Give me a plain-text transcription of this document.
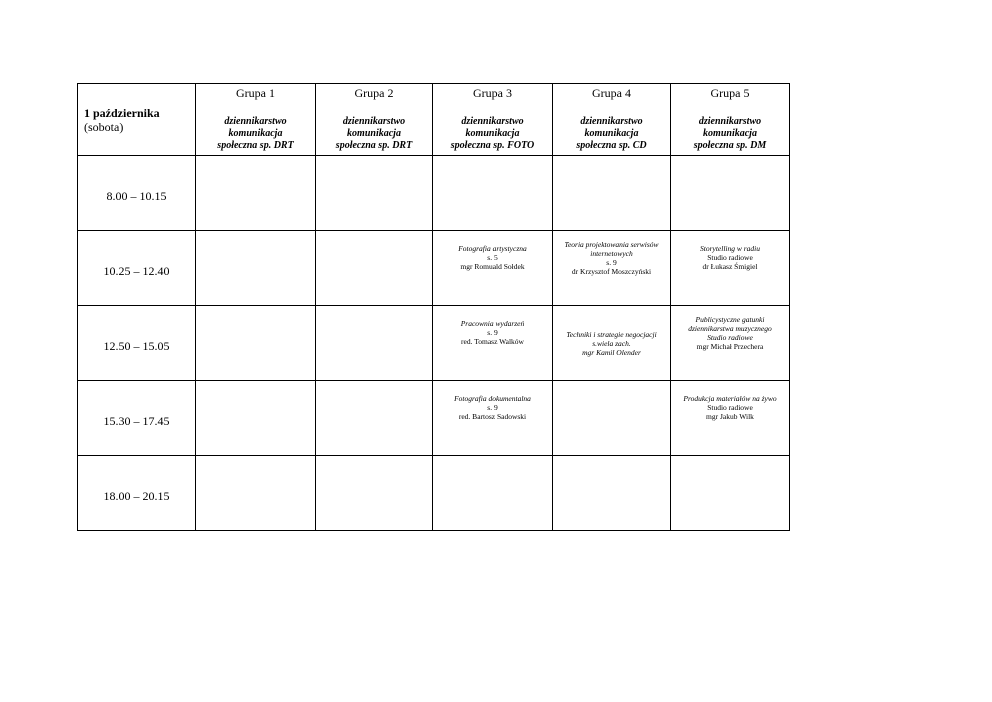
1 października
(sobota)	Grupa 1
dziennikarstwo
komunikacja
społeczna sp. DRT	Grupa 2
dziennikarstwo
komunikacja
społeczna sp. DRT	Grupa 3
dziennikarstwo
komunikacja
społeczna sp. FOTO	Grupa 4
dziennikarstwo
komunikacja
społeczna sp. CD	Grupa 5
dziennikarstwo
komunikacja
społeczna sp. DM

8.00 – 10.15					
10.25 – 12.40			Fotografia artystyczna
s. 5
mgr Romuald Sołdek	Teoria projektowania serwisów internetowych
s. 9
dr Krzysztof Moszczyński	Storytelling w radiu
Studio radiowe
dr Łukasz Śmigiel

12.50 – 15.05			Pracownia wydarzeń
s. 9
red. Tomasz Walków	Techniki i strategie negocjacji
s.wiela zach.
mgr Kamil Olender	Publicystyczne gatunki dziennikarstwa muzycznego
Studio radiowe
mgr Michał Przechera

15.30 – 17.45			Fotografia dokumentalna
s. 9
red. Bartosz Sadowski		Produkcja materiałów na żywo
Studio radiowe
mgr Jakub Wilk

18.00 – 20.15					
